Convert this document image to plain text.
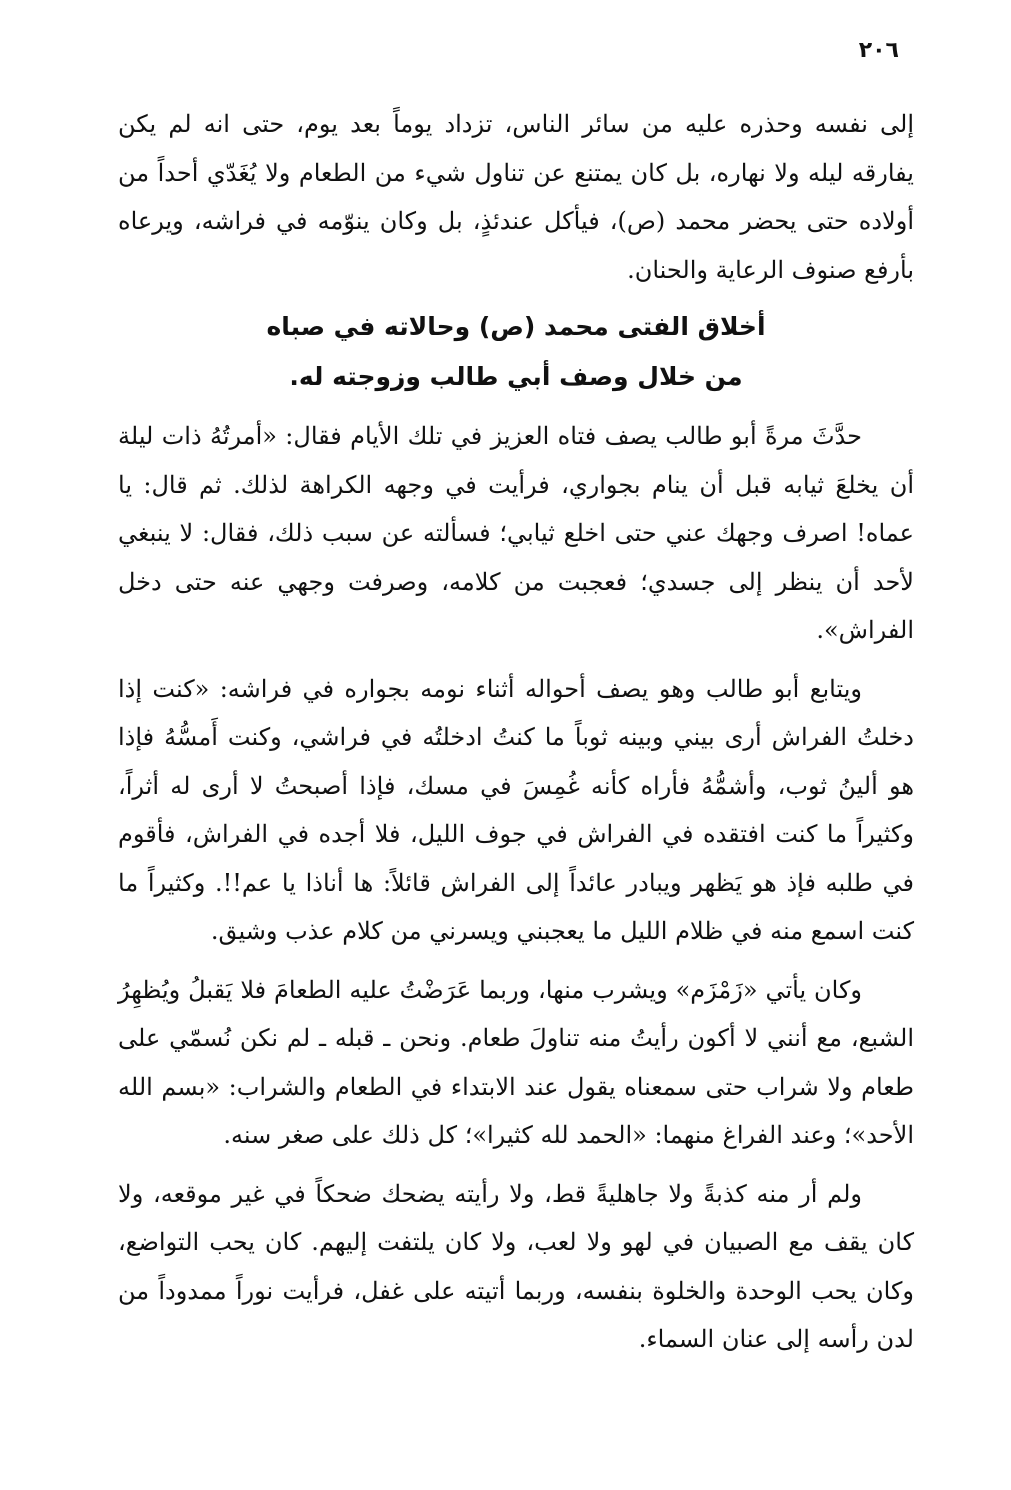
٢٠٦

إلى نفسه وحذره عليه من سائر الناس، تزداد يوماً بعد يوم، حتى انه لم يكن يفارقه ليله ولا نهاره، بل كان يمتنع عن تناول شيء من الطعام ولا يُغَدّي أحداً من أولاده حتى يحضر محمد (ص)، فيأكل عندئذٍ، بل وكان ينوّمه في فراشه، ويرعاه بأرفع صنوف الرعاية والحنان.

أخلاق الفتى محمد (ص) وحالاته في صباه
من خلال وصف أبي طالب وزوجته له.

حدَّثَ مرةً أبو طالب يصف فتاه العزيز في تلك الأيام فقال: «أمرتُهُ ذات ليلة أن يخلعَ ثيابه قبل أن ينام بجواري، فرأيت في وجهه الكراهة لذلك. ثم قال: يا عماه! اصرف وجهك عني حتى اخلع ثيابي؛ فسألته عن سبب ذلك، فقال: لا ينبغي لأحد أن ينظر إلى جسدي؛ فعجبت من كلامه، وصرفت وجهي عنه حتى دخل الفراش».

ويتابع أبو طالب وهو يصف أحواله أثناء نومه بجواره في فراشه: «كنت إذا دخلتُ الفراش أرى بيني وبينه ثوباً ما كنتُ ادخلتُه في فراشي، وكنت أَمسُّهُ فإذا هو ألينُ ثوب، وأشمُّهُ فأراه كأنه غُمِسَ في مسك، فإذا أصبحتُ لا أرى له أثراً، وكثيراً ما كنت افتقده في الفراش في جوف الليل، فلا أجده في الفراش، فأقوم في طلبه فإذ هو يَظهر ويبادر عائداً إلى الفراش قائلاً: ها أناذا يا عم!!. وكثيراً ما كنت اسمع منه في ظلام الليل ما يعجبني ويسرني من كلام عذب وشيق.

وكان يأتي «زَمْزَم» ويشرب منها، وربما عَرَضْتُ عليه الطعامَ فلا يَقبلُ ويُظهِرُ الشبع، مع أنني لا أكون رأيتُ منه تناولَ طعام. ونحن ـ قبله ـ لم نكن نُسمّي على طعام ولا شراب حتى سمعناه يقول عند الابتداء في الطعام والشراب: «بسم الله الأحد»؛ وعند الفراغ منهما: «الحمد لله كثيرا»؛ كل ذلك على صغر سنه.

ولم أر منه كذبةً ولا جاهليةً قط، ولا رأيته يضحك ضحكاً في غير موقعه، ولا كان يقف مع الصبيان في لهو ولا لعب، ولا كان يلتفت إليهم. كان يحب التواضع، وكان يحب الوحدة والخلوة بنفسه، وربما أتيته على غفل، فرأيت نوراً ممدوداً من لدن رأسه إلى عنان السماء.
